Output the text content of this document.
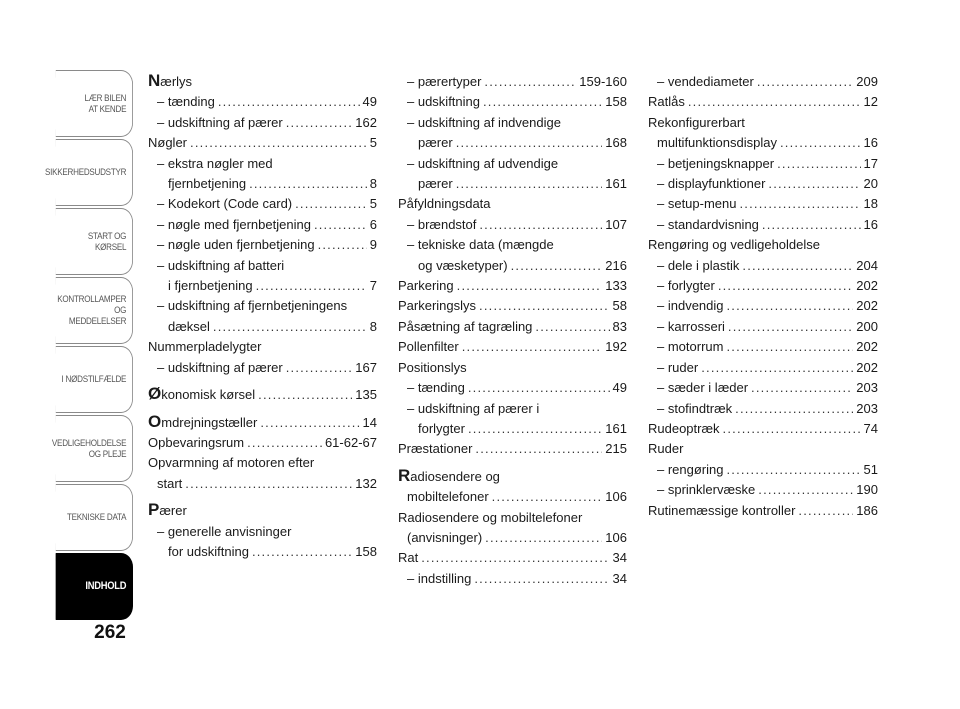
LÆR BILEN
AT KENDE
SIKKERHEDSUDSTYR
START OG KØRSEL
KONTROLLAMPER
OG MEDDELELSER
I NØDSTILFÆLDE
VEDLIGEHOLDELSE
OG PLEJE
TEKNISKE DATA
INDHOLD
262
Nærlys
– tænding .....	49
– udskiftning af pærer .....	162
Nøgler .....	5
– ekstra nøgler med
fjernbetjening .....	8
– Kodekort (Code card) .....	5
– nøgle med fjernbetjening .....	6
– nøgle uden fjernbetjening .....	9
– udskiftning af batteri
i fjernbetjening .....	7
– udskiftning af fjernbetjeningens
dæksel .....	8
Nummerpladelygter
– udskiftning af pærer .....	167
Økonomisk kørsel .....	135
Omdrejningstæller .....	14
Opbevaringsrum .....	61-62-67
Opvarmning af motoren efter
start .....	132
Pærer
– generelle anvisninger
for udskiftning .....	158
– pærertyper .....	159-160
– udskiftning .....	158
– udskiftning af indvendige
pærer .....	168
– udskiftning af udvendige
pærer .....	161
Påfyldningsdata
– brændstof .....	107
– tekniske data (mængde
og væsketyper) .....	216
Parkering .....	133
Parkeringslys .....	58
Påsætning af tagræling .....	83
Pollenfilter .....	192
Positionslys
– tænding .....	49
– udskiftning af pærer i
forlygter .....	161
Præstationer .....	215
Radiosendere og
mobiltelefoner .....	106
Radiosendere og mobiltelefoner
(anvisninger) .....	106
Rat .....	34
– indstilling .....	34
– vendediameter .....	209
Ratlås .....	12
Rekonfigurerbart
multifunktionsdisplay .....	16
– betjeningsknapper .....	17
– displayfunktioner .....	20
– setup-menu .....	18
– standardvisning .....	16
Rengøring og vedligeholdelse
– dele i plastik .....	204
– forlygter .....	202
– indvendig .....	202
– karrosseri .....	200
– motorrum .....	202
– ruder .....	202
– sæder i læder .....	203
– stofindtræk .....	203
Rudeoptræk .....	74
Ruder
– rengøring .....	51
– sprinklervæske .....	190
Rutinemæssige kontroller .....	186
